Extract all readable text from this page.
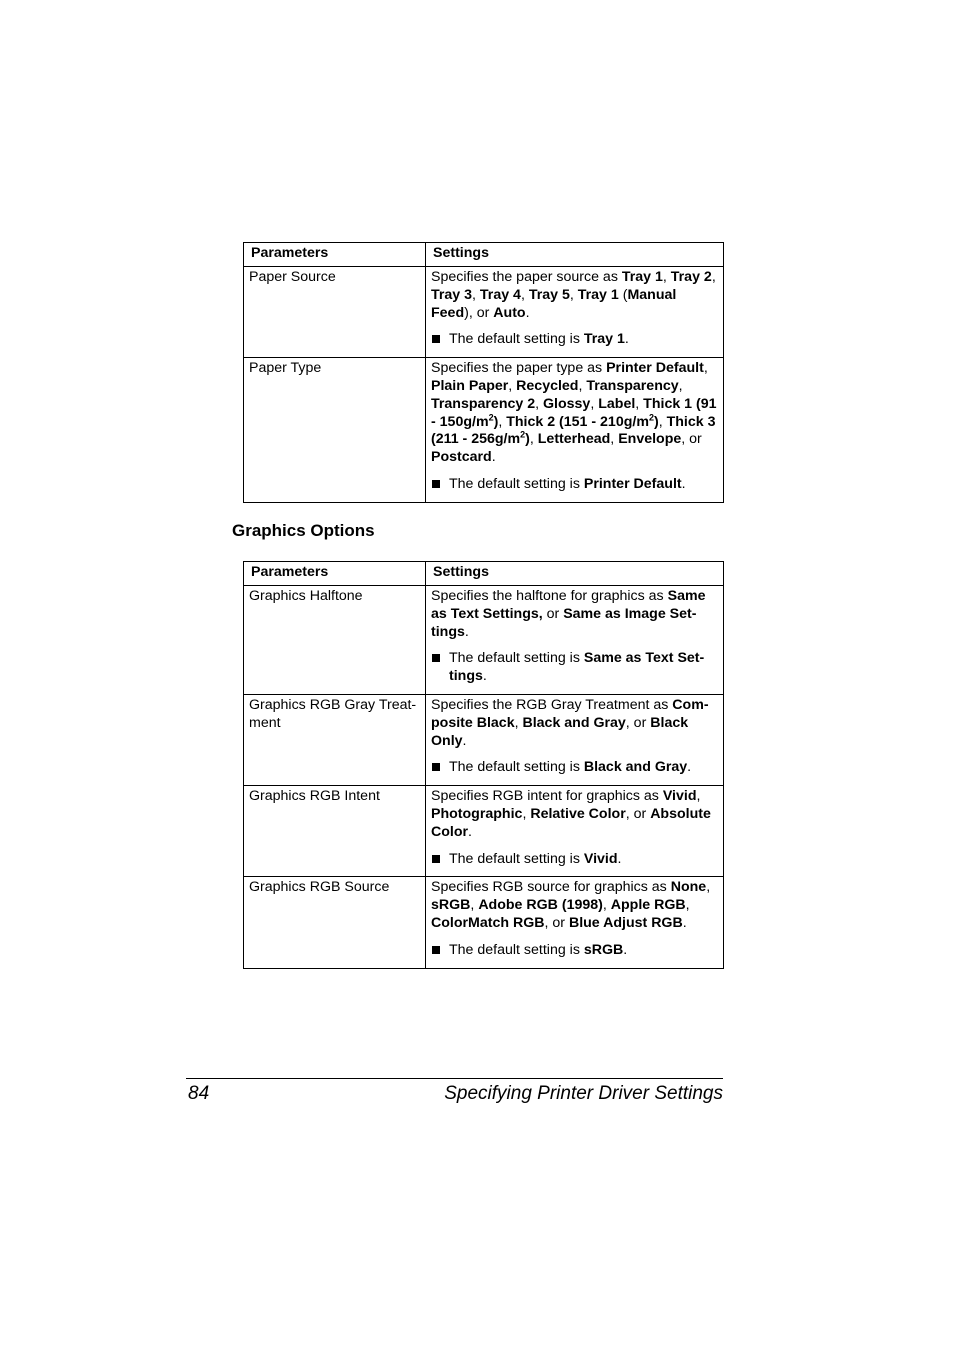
Parameters	Settings
Paper Source	Specifies the paper source as Tray 1, Tray 2, Tray 3, Tray 4, Tray 5, Tray 1 (Manual Feed), or Auto.

The default setting is Tray 1.

Paper Type	Specifies the paper type as Printer Default, Plain Paper, Recycled, Transparency, Transparency 2, Glossy, Label, Thick 1 $(91 - 150g/m^2)$, Thick 2 $(151 - 210g/m^2)$, Thick 3 $(211 - 256g/m^2)$, Letterhead, Envelope, or Postcard.

The default setting is Printer Default.
Graphics Options
Parameters	Settings
Graphics Halftone	Specifies the halftone for graphics as Same as Text Settings, or Same as Image Set-tings.

The default setting is Same as Text Set-tings.

Graphics RGB Gray Treat-ment	Specifies the RGB Gray Treatment as Com-posite Black, Black and Gray, or Black Only.

The default setting is Black and Gray.

Graphics RGB Intent	Specifies RGB intent for graphics as Vivid, Photographic, Relative Color, or Absolute Color.

The default setting is Vivid.

Graphics RGB Source	Specifies RGB source for graphics as None, sRGB, Adobe RGB (1998), Apple RGB, ColorMatch RGB, or Blue Adjust RGB.

The default setting is sRGB.
84	Specifying Printer Driver Settings
